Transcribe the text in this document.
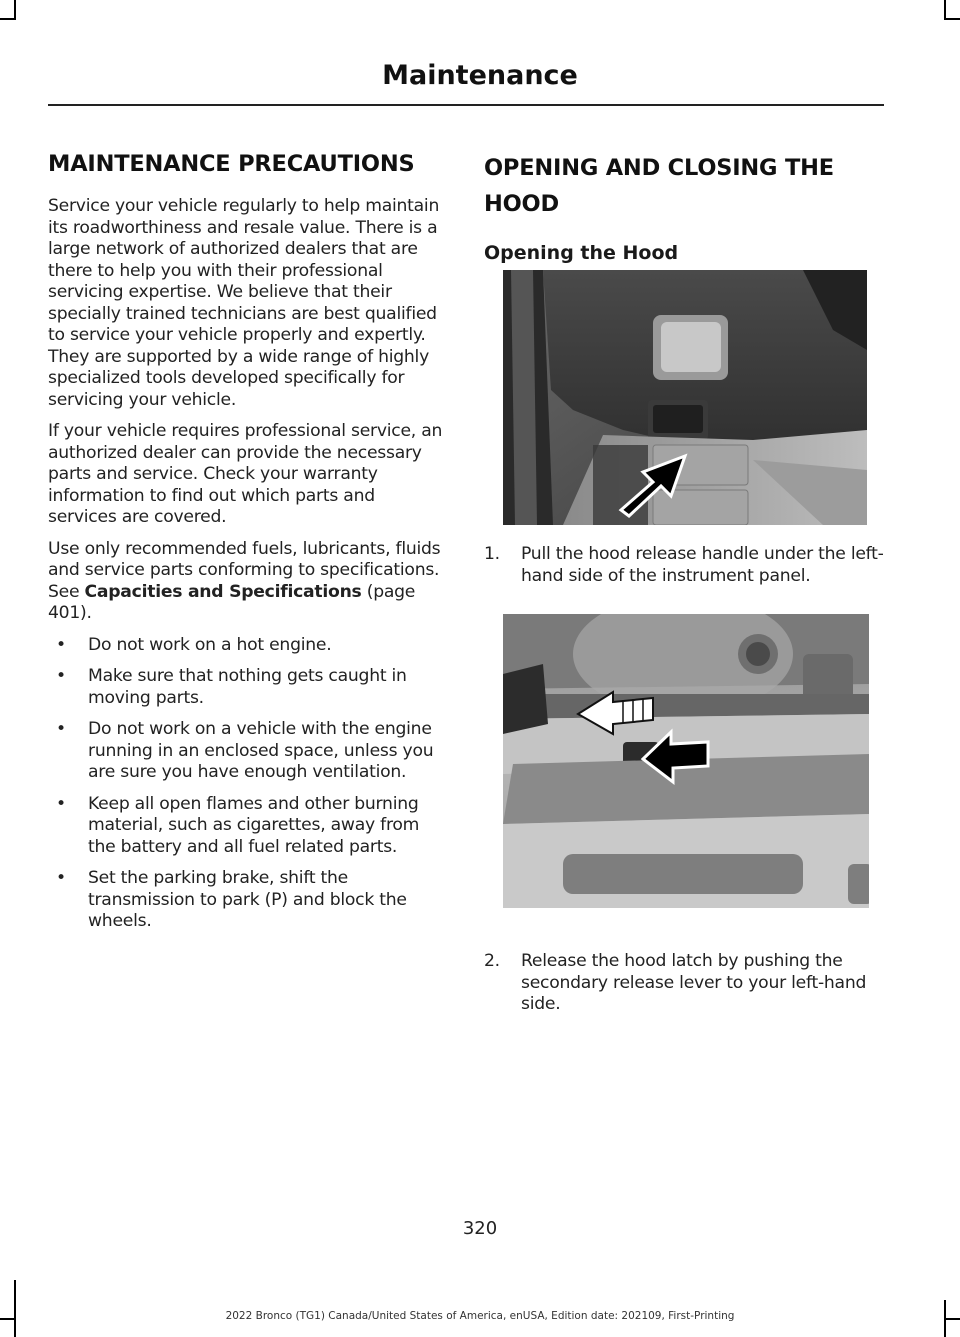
Maintenance
MAINTENANCE PRECAUTIONS

Service your vehicle regularly to help maintain its roadworthiness and resale value. There is a large network of authorized dealers that are there to help you with their professional servicing expertise. We believe that their specially trained technicians are best qualified to service your vehicle properly and expertly. They are supported by a wide range of highly specialized tools developed specifically for servicing your vehicle.

If your vehicle requires professional service, an authorized dealer can provide the necessary parts and service. Check your warranty information to find out which parts and services are covered.

Use only recommended fuels, lubricants, fluids and service parts conforming to specifications. See Capacities and Specifications (page 401).

• Do not work on a hot engine.
• Make sure that nothing gets caught in moving parts.
• Do not work on a vehicle with the engine running in an enclosed space, unless you are sure you have enough ventilation.
• Keep all open flames and other burning material, such as cigarettes, away from the battery and all fuel related parts.
• Set the parking brake, shift the transmission to park (P) and block the wheels.
OPENING AND CLOSING THE HOOD
Opening the Hood
1.	Pull the hood release handle under the left-hand side of the instrument panel.
2.	Release the hood latch by pushing the secondary release lever to your left-hand side.
320
2022 Bronco (TG1) Canada/United States of America, enUSA, Edition date: 202109, First-Printing
